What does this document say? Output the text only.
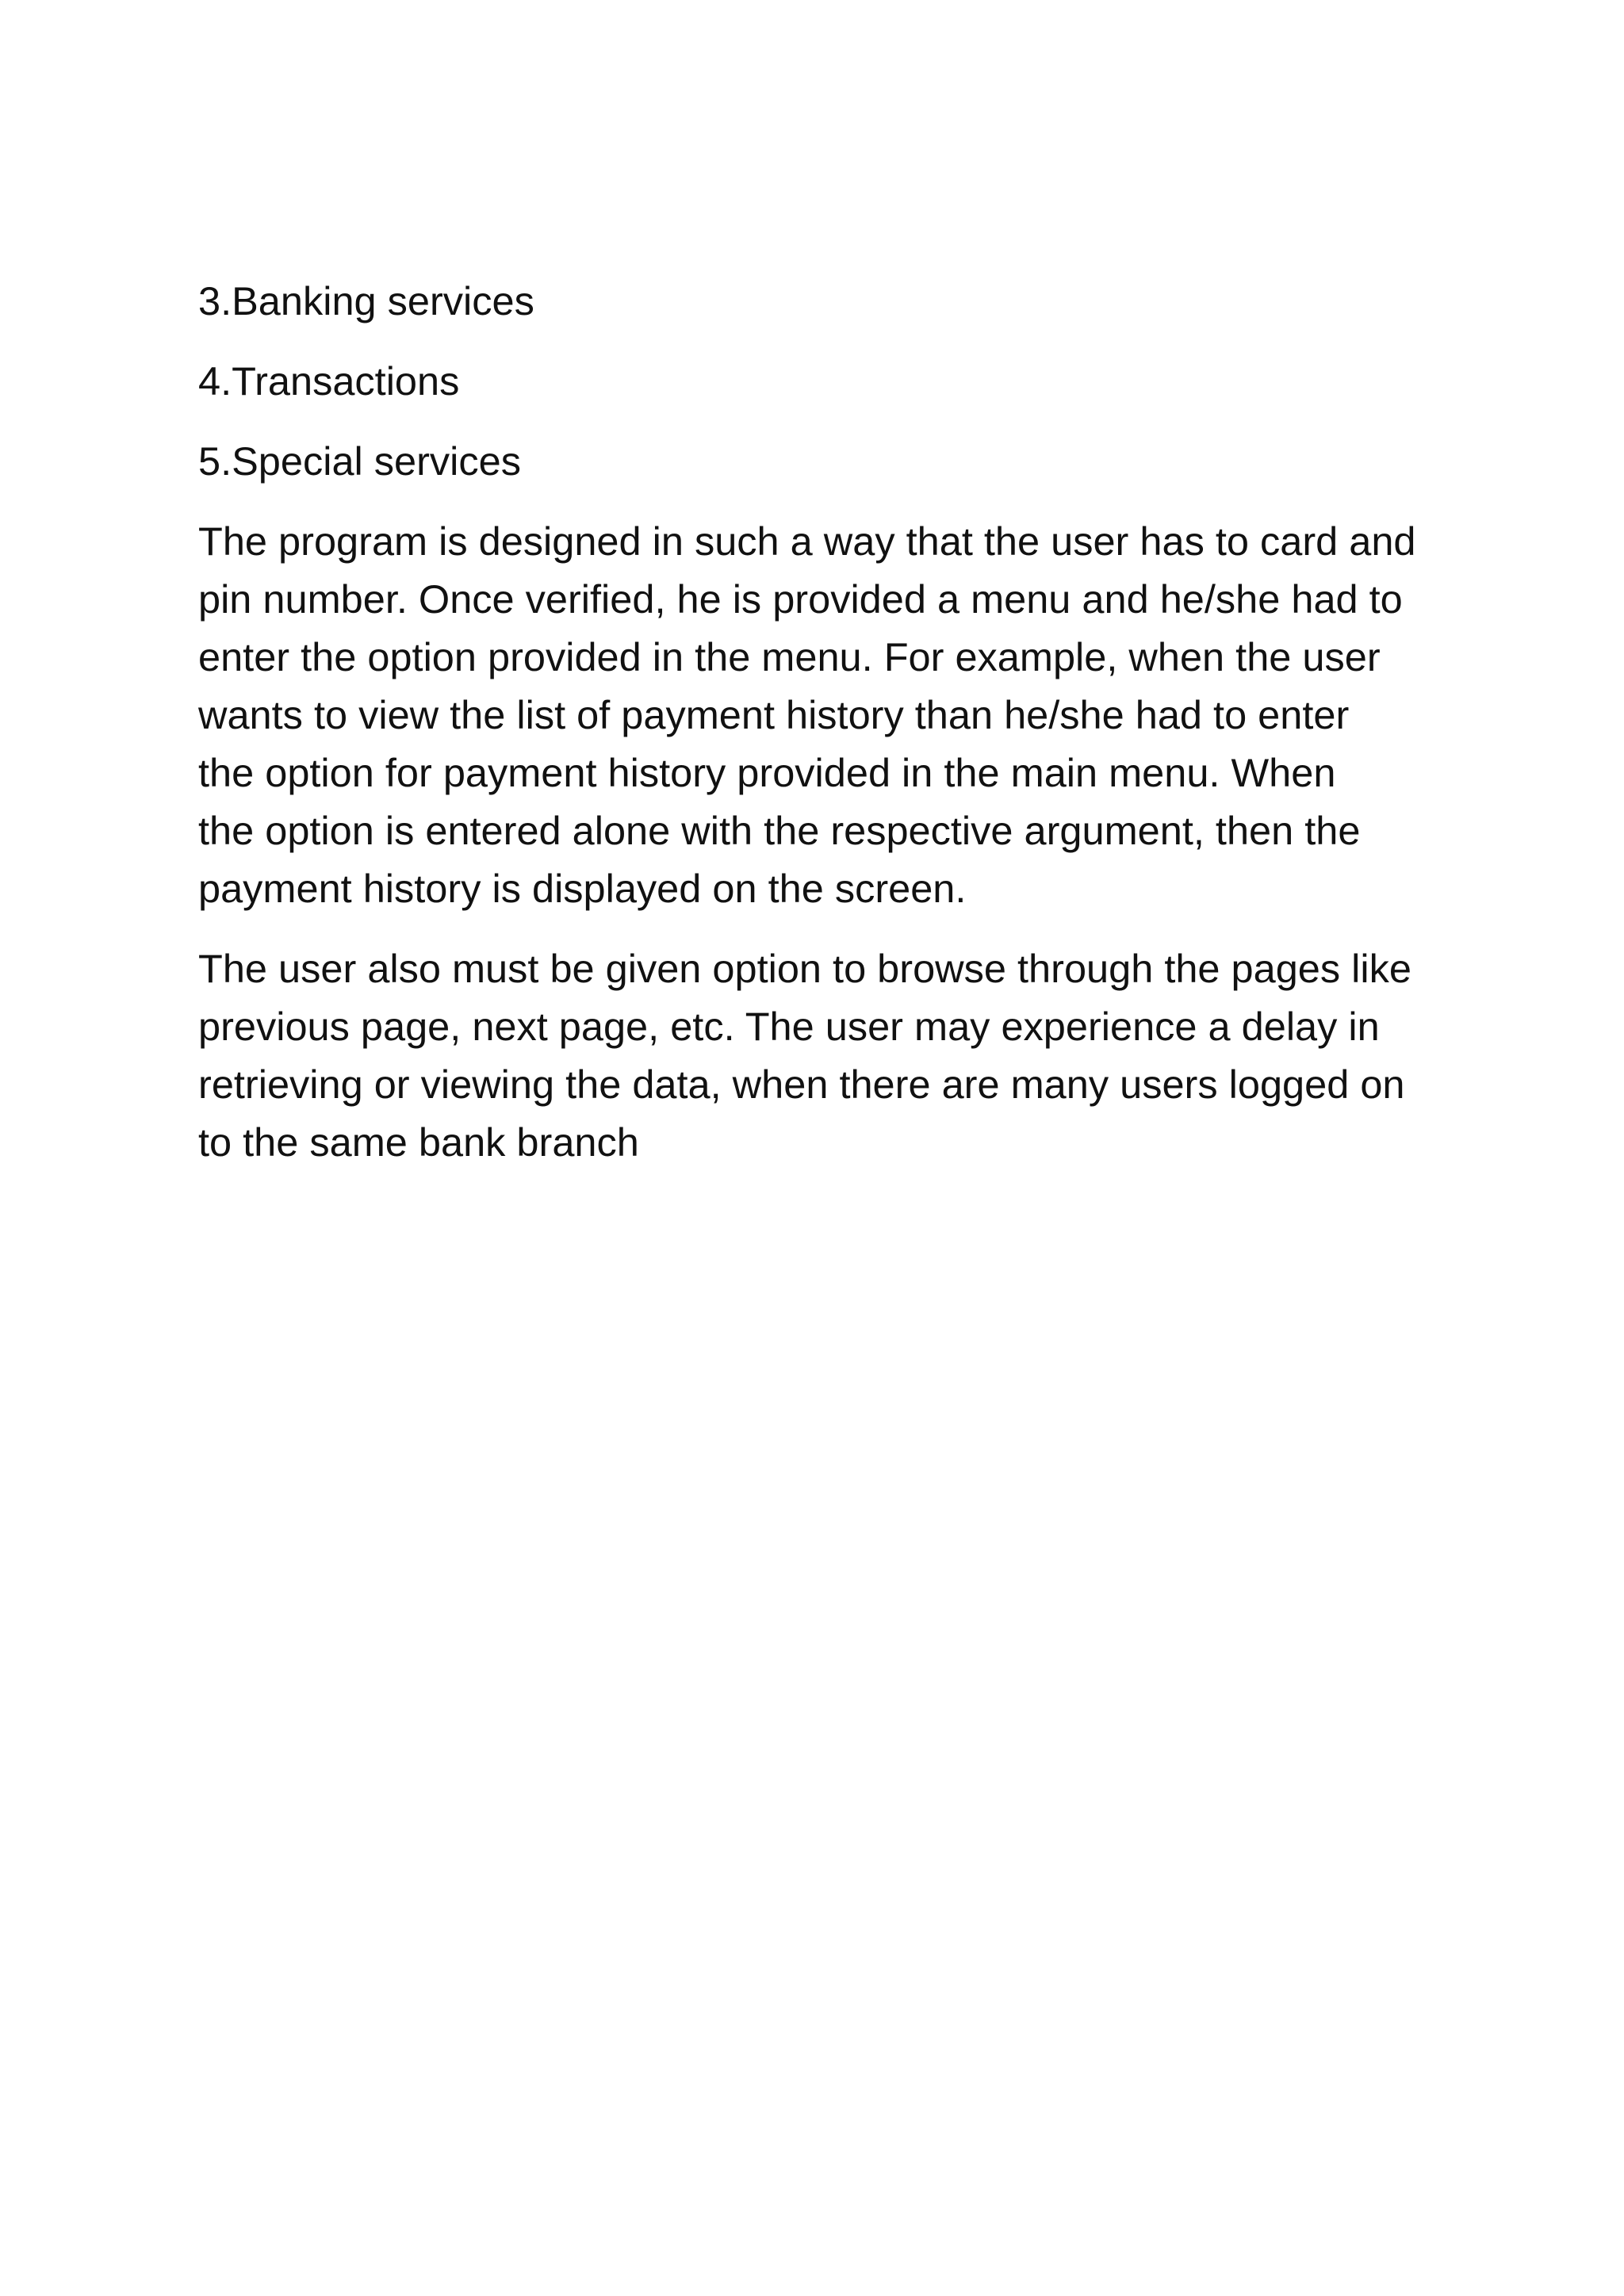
3.Banking services
4.Transactions
5.Special services
The program is designed in such a way that the user has to card and
pin number. Once verified, he is provided a menu and he/she had to
enter the option provided in the menu. For example, when the user
wants to view the list of payment history than he/she had to enter
the option for payment history provided in the main menu. When
the option is entered alone with the respective argument, then the
payment history is displayed on the screen.
The user also must be given option to browse through the pages like
previous page, next page, etc. The user may experience a delay in
retrieving or viewing the data, when there are many users logged on
to the same bank branch
